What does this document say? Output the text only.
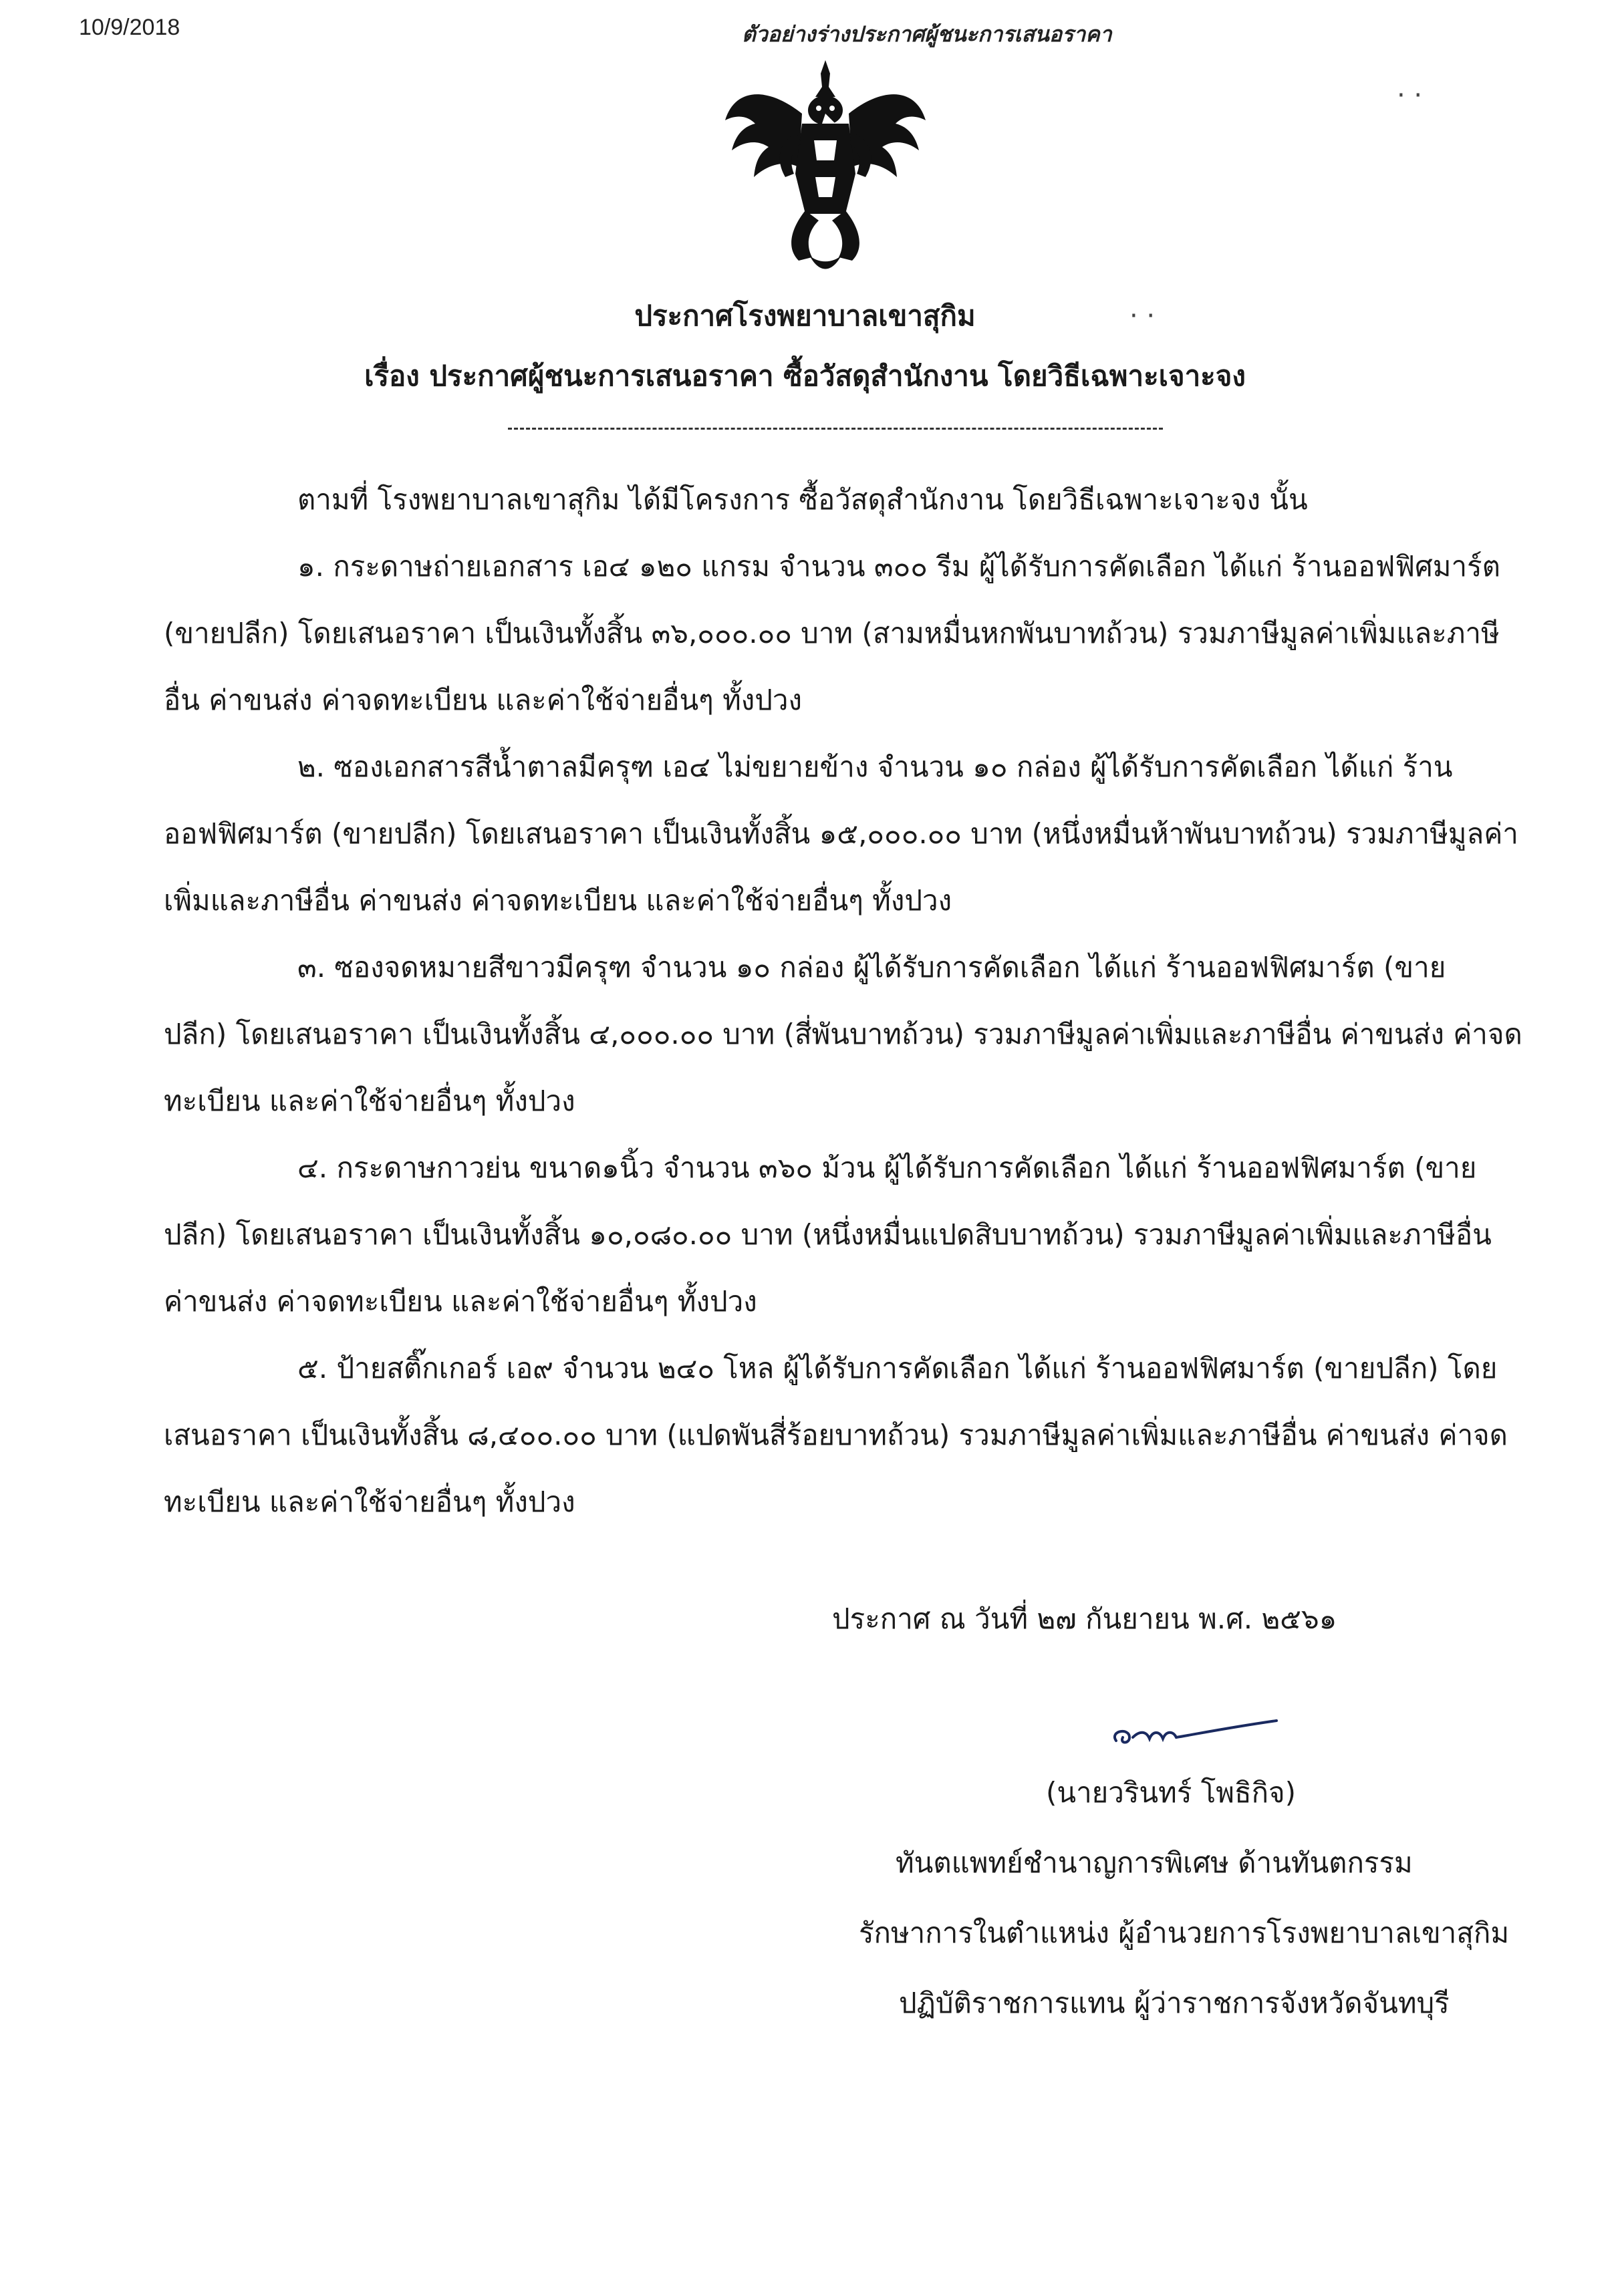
10/9/2018	ตัวอย่างร่างประกาศผู้ชนะการเสนอราคา
· ·
· ·
ประกาศโรงพยาบาลเขาสุกิม
เรื่อง ประกาศผู้ชนะการเสนอราคา ซื้อวัสดุสำนักงาน โดยวิธีเฉพาะเจาะจง
ตามที่ โรงพยาบาลเขาสุกิม ได้มีโครงการ ซื้อวัสดุสำนักงาน โดยวิธีเฉพาะเจาะจง นั้น
๑. กระดาษถ่ายเอกสาร เอ๔ ๑๒๐ แกรม จำนวน ๓๐๐ รีม ผู้ได้รับการคัดเลือก ได้แก่ ร้านออฟฟิศมาร์ต
(ขายปลีก) โดยเสนอราคา เป็นเงินทั้งสิ้น ๓๖,๐๐๐.๐๐ บาท (สามหมื่นหกพันบาทถ้วน) รวมภาษีมูลค่าเพิ่มและภาษี
อื่น ค่าขนส่ง ค่าจดทะเบียน และค่าใช้จ่ายอื่นๆ ทั้งปวง
๒. ซองเอกสารสีน้ำตาลมีครุฑ เอ๔ ไม่ขยายข้าง จำนวน ๑๐ กล่อง ผู้ได้รับการคัดเลือก ได้แก่ ร้าน
ออฟฟิศมาร์ต (ขายปลีก) โดยเสนอราคา เป็นเงินทั้งสิ้น ๑๕,๐๐๐.๐๐ บาท (หนึ่งหมื่นห้าพันบาทถ้วน) รวมภาษีมูลค่า
เพิ่มและภาษีอื่น ค่าขนส่ง ค่าจดทะเบียน และค่าใช้จ่ายอื่นๆ ทั้งปวง
๓. ซองจดหมายสีขาวมีครุฑ จำนวน ๑๐ กล่อง ผู้ได้รับการคัดเลือก ได้แก่ ร้านออฟฟิศมาร์ต (ขาย
ปลีก) โดยเสนอราคา เป็นเงินทั้งสิ้น ๔,๐๐๐.๐๐ บาท (สี่พันบาทถ้วน) รวมภาษีมูลค่าเพิ่มและภาษีอื่น ค่าขนส่ง ค่าจด
ทะเบียน และค่าใช้จ่ายอื่นๆ ทั้งปวง
๔. กระดาษกาวย่น ขนาด๑นิ้ว จำนวน ๓๖๐ ม้วน ผู้ได้รับการคัดเลือก ได้แก่ ร้านออฟฟิศมาร์ต (ขาย
ปลีก) โดยเสนอราคา เป็นเงินทั้งสิ้น ๑๐,๐๘๐.๐๐ บาท (หนึ่งหมื่นแปดสิบบาทถ้วน) รวมภาษีมูลค่าเพิ่มและภาษีอื่น
ค่าขนส่ง ค่าจดทะเบียน และค่าใช้จ่ายอื่นๆ ทั้งปวง
๕. ป้ายสติ๊กเกอร์ เอ๙ จำนวน ๒๔๐ โหล ผู้ได้รับการคัดเลือก ได้แก่ ร้านออฟฟิศมาร์ต (ขายปลีก) โดย
เสนอราคา เป็นเงินทั้งสิ้น ๘,๔๐๐.๐๐ บาท (แปดพันสี่ร้อยบาทถ้วน) รวมภาษีมูลค่าเพิ่มและภาษีอื่น ค่าขนส่ง ค่าจด
ทะเบียน และค่าใช้จ่ายอื่นๆ ทั้งปวง
ประกาศ ณ วันที่ ๒๗ กันยายน พ.ศ. ๒๕๖๑
(นายวรินทร์ โพธิกิจ)
ทันตแพทย์ชำนาญการพิเศษ ด้านทันตกรรม
รักษาการในตำแหน่ง ผู้อำนวยการโรงพยาบาลเขาสุกิม
ปฏิบัติราชการแทน ผู้ว่าราชการจังหวัดจันทบุรี
